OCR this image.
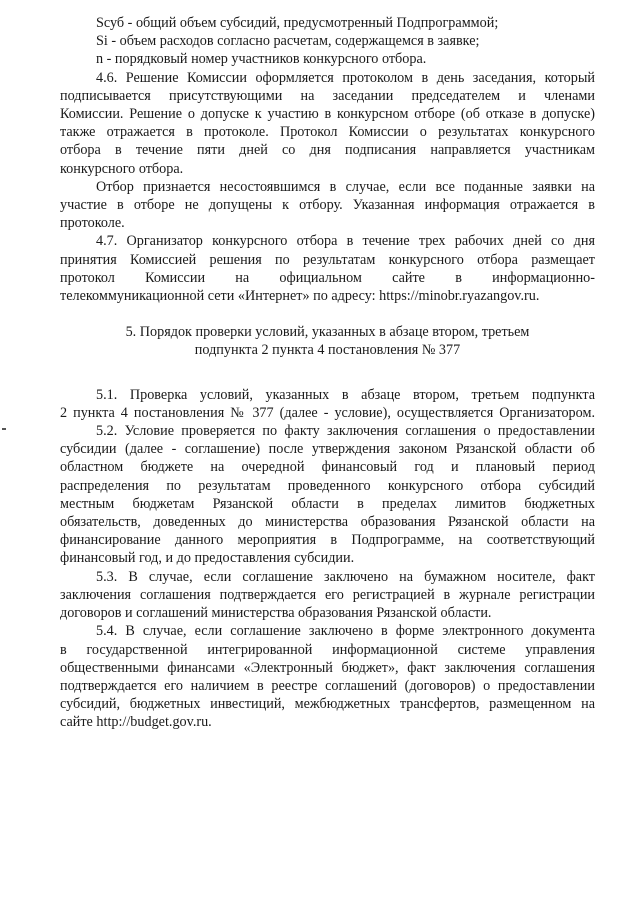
Sсуб - общий объем субсидий, предусмотренный Подпрограммой;
Si - объем расходов согласно расчетам, содержащемся в заявке;
n - порядковый номер участников конкурсного отбора.
4.6. Решение Комиссии оформляется протоколом в день заседания, который
подписывается присутствующими на заседании председателем и членами
Комиссии. Решение о допуске к участию в конкурсном отборе (об отказе в допуске)
также отражается в протоколе. Протокол Комиссии о результатах конкурсного
отбора в течение пяти дней со дня подписания направляется участникам
конкурсного отбора.
Отбор признается несостоявшимся в случае, если все поданные заявки на
участие в отборе не допущены к отбору. Указанная информация отражается в
протоколе.
4.7. Организатор конкурсного отбора в течение трех рабочих дней со дня
принятия Комиссией решения по результатам конкурсного отбора размещает
протокол Комиссии на официальном сайте в информационно-
телекоммуникационной сети «Интернет» по адресу: https://minobr.ryazangov.ru.
5. Порядок проверки условий, указанных в абзаце втором, третьем
подпункта 2 пункта 4 постановления № 377
5.1. Проверка условий, указанных в абзаце втором, третьем подпункта
2 пункта 4 постановления № 377 (далее - условие), осуществляется Организатором.
5.2. Условие проверяется по факту заключения соглашения о предоставлении
субсидии (далее - соглашение) после утверждения законом Рязанской области об
областном бюджете на очередной финансовый год и плановый период
распределения по результатам проведенного конкурсного отбора субсидий
местным бюджетам Рязанской области в пределах лимитов бюджетных
обязательств, доведенных до министерства образования Рязанской области на
финансирование данного мероприятия в Подпрограмме, на соответствующий
финансовый год, и до предоставления субсидии.
5.3. В случае, если соглашение заключено на бумажном носителе, факт
заключения соглашения подтверждается его регистрацией в журнале регистрации
договоров и соглашений министерства образования Рязанской области.
5.4. В случае, если соглашение заключено в форме электронного документа
в государственной интегрированной информационной системе управления
общественными финансами «Электронный бюджет», факт заключения соглашения
подтверждается его наличием в реестре соглашений (договоров) о предоставлении
субсидий, бюджетных инвестиций, межбюджетных трансфертов, размещенном на
сайте http://budget.gov.ru.
